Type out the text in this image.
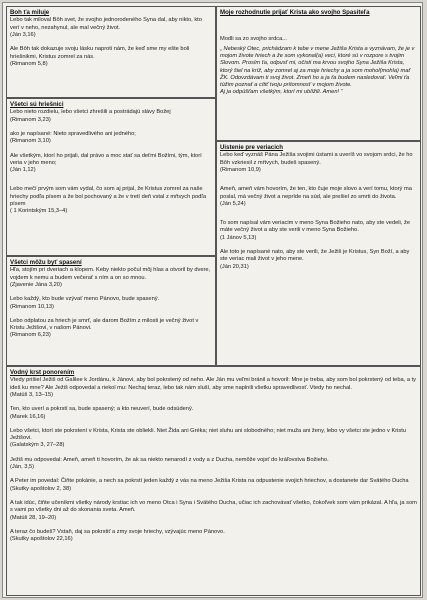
Boh ťa miluje

Lebo tak miloval Bôh svet, že svojho jednorodeného Syna dal, aby nikto, kto verí v neho, nezahynul, ale mal večný život.
(Ján 3,16)

Ale Bôh tak dokazuje svoju lásku naproti nám, že keď sme my ešte boli hriešnikmi, Kristus zomrel za nás.
(Rimanom 5,8)

Moje rozhodnutie prijať Krista ako svojho Spasiteľa

Modli sa zo svojho srdca...

„ Nebeský Otec, prichádzam k tebe v mene Ježiša Krista a vyznávam, že je v mojom živote hriech a že som vykonal(a) veci, ktoré sú v rozpore s tvojim Slovom. Prosím ťa, odpusť mi, očisti ma krvou svojho Syna Ježiša Krista, ktorý šiel na kríž, aby zomrel aj za moje hriechy a ja som mohol(mohla) mať ŽK. Odovzdávam ti svoj život. Zmeň ho a ja ťa budem nasledovať. Veľmi ťa túžim poznať a cítiť tvoju prítomnosť v mojom živote.
Aj ja odpúšťam všetkým, ktorí mi ublížili. Amen! “

Všetci sú hriešnici

Lebo nieto rozdielu, lebo všetci zhrešili a postrádajú slávy Božej
(Rimanom 3,23)

ako je napísané: Nieto spravedlivého ani jedného;
(Rimanom 3,10)

Ale všetkým, ktorí ho prijali, dal právo a moc stať sa deťmi Božími, tým, ktorí veria v jeho meno;
(Ján 1,12)

Lebo mečí prvým som vám vydal, čo som aj prijal, že Kristus zomrel za naše hriechy podľa písem a že bol pochovaný a že v tretí deň vstal z mŕtvych podľa písem
( 1 Korintským 15,3–4)

Uistenie pre veriacich

Lebo keď vyznáš Pána Ježiša svojimi ústami a uveríš vo svojom srdci, že ho Bôh vzkriesil z mŕtvych, budeš spasený.
(Rimanom 10,9)

Ameň, ameň vám hovorím, že ten, kto čuje moje slovo a verí tomu, ktorý ma poslal, má večný život a nepríde na súd, ale prešiel zo smrti do života.
(Ján 5,24)

To som napísal vám veriacim v meno Syna Božieho nato, aby ste vedeli, že máte večný život a aby ste verili v meno Syna Božieho.
(1 Jánov 5,13)

Ale toto je napísané nato, aby ste verili, že Ježiš je Kristus, Syn Boží, a aby ste veriac mali život v jeho mene.
(Ján 20,31)

Všetci môžu byť spasení

Hľa, stojím pri dveriach a klopem. Keby niekto počul môj hlas a otvoril by dvere, vojdem k nemu a budem večerať s ním a on so mnou.
(Zjavenie Jána 3,20)

Lebo každý, kto bude vzývať meno Pánovo, bude spasený.
(Rimanom 10,13)

Lebo odplatou za hriech je smrť, ale darom Božím z milosti je večný život v Kristu Ježišovi, v našom Pánovi.
(Rimanom 6,23)

Vodný krst ponorením

Vtedy prišiel Ježiš od Galilee k Jordánu, k Jánovi, aby bol pokrstený od neho. Ale Ján mu veľmi bránil a hovoril: Mne je treba, aby som bol pokrstený od teba, a ty ideš ku mne? Ale Ježiš odpovedal a riekol mu: Nechaj teraz, lebo tak nám sluší, aby sme naplnili všetku spravedlivosť. Vtedy ho nechal.
(Matúš 3, 13–15)

Ten, kto uverí a pokrstí sa, bude spasený; a kto neuverí, bude odsúdený.
(Marek 16,16)

Lebo všetci, ktorí ste pokrstení v Krista, Krista ste obliekli. Niet Žida ani Gréka; niet sluhu ani slobodného; niet muža ani ženy, lebo vy všetci ste jedno v Kristu Ježišovi.
(Galatským 3, 27–28)

Ježiš mu odpovedal: Ameň, ameň ti hovorím, že ak sa niekto nenarodí z vody a z Ducha, nemôže vojsť do kráľovstva Božieho.
(Ján, 3,5)

A Peter im povedal: Čiňte pokánie, a nech sa pokrstí jeden každý z vás na meno Ježiša Krista na odpustenie svojich hriechov, a dostanete dar Svätého Ducha
(Skutky apoštolov 2, 38)

A tak idúc, čiňte učeníkmi všetky národy krstiac ich vo meno Otca i Syna i Svätého Ducha, učiac ich zachovávať všetko, čokoľvek som vám prikázal. A hľa, ja som s vami po všetky dni až do skonania sveta. Ameň.
(Matúš 28, 19–20)

A teraz čo budeš? Vstaň, daj sa pokrstiť a zmy svoje hriechy, vzývajúc meno Pánovo.
(Skutky apoštolov 22,16)
